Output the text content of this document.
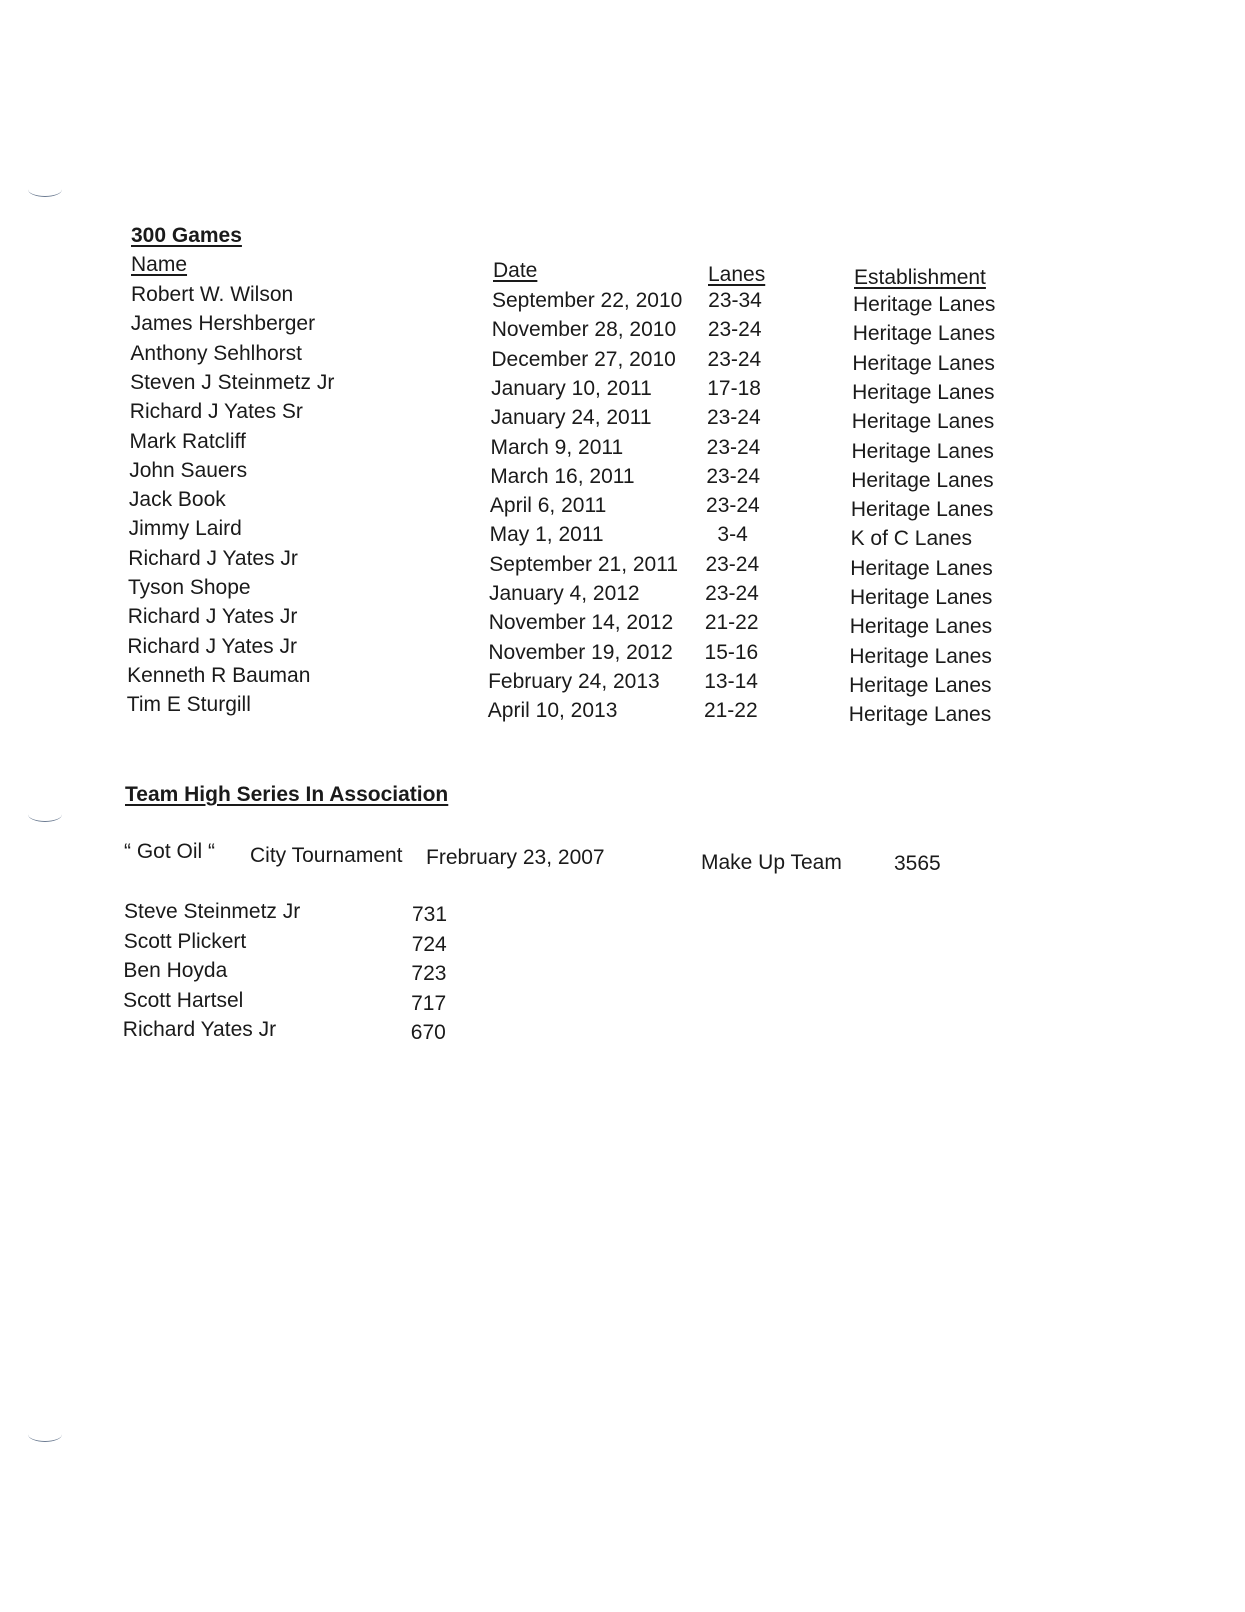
300 Games
Name	Date	Lanes	Establishment
Robert W. Wilson	September 22, 2010 23-34	Heritage Lanes
James Hershberger	November 28, 2010 23-24	Heritage Lanes
Anthony Sehlhorst	December 27, 2010 23-24	Heritage Lanes
Steven J Steinmetz Jr	January 10, 2011	17-18	Heritage Lanes
Richard J Yates Sr	January 24, 2011	23-24	Heritage Lanes
Mark Ratcliff	March 9, 2011	23-24	Heritage Lanes
John Sauers	March 16, 2011	23-24	Heritage Lanes
Jack Book	April 6, 2011	23-24	Heritage Lanes
Jimmy Laird	May 1, 2011	3-4	K of C Lanes
Richard J Yates Jr	September 21, 2011 23-24	Heritage Lanes
Tyson Shope	January 4, 2012	23-24	Heritage Lanes
Richard J Yates Jr	November 14, 2012 21-22	Heritage Lanes
Richard J Yates Jr	November 19, 2012 15-16	Heritage Lanes
Kenneth R Bauman	February 24, 2013 13-14	Heritage Lanes
Tim E Sturgill	April 10, 2013	21-22	Heritage Lanes
Team High Series In Association
“ Got Oil “ City Tournament Frebruary 23, 2007	Make Up Team 3565
Steve Steinmetz Jr	731
Scott Plickert	724
Ben Hoyda	723
Scott Hartsel	717
Richard Yates Jr	670
